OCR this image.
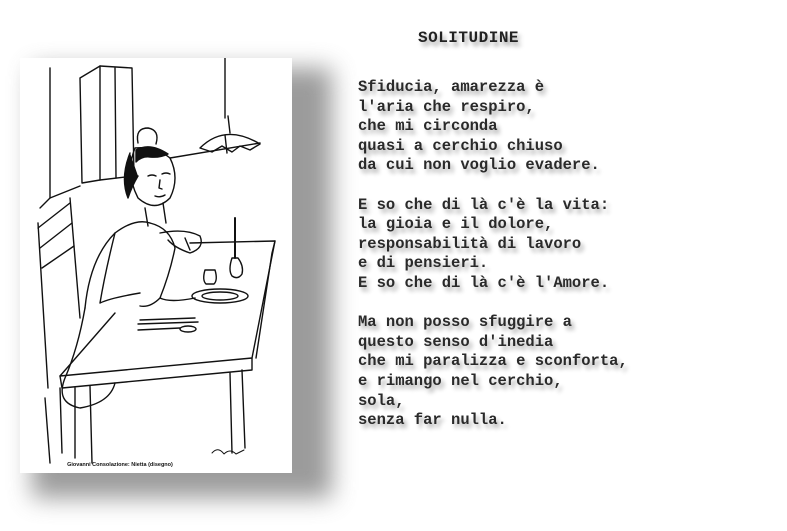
Giovanni Consolazione: Nietta (disegno)
SOLITUDINE
Sfiducia, amarezza è
l'aria che respiro,
che mi circonda
quasi a cerchio chiuso
da cui non voglio evadere.
E so che di là c'è la vita:
la gioia e il dolore,
responsabilità di lavoro
e di pensieri.
E so che di là c'è l'Amore.
Ma non posso sfuggire a
questo senso d'inedia
che mi paralizza e sconforta,
e rimango nel cerchio,
sola,
senza far nulla.
